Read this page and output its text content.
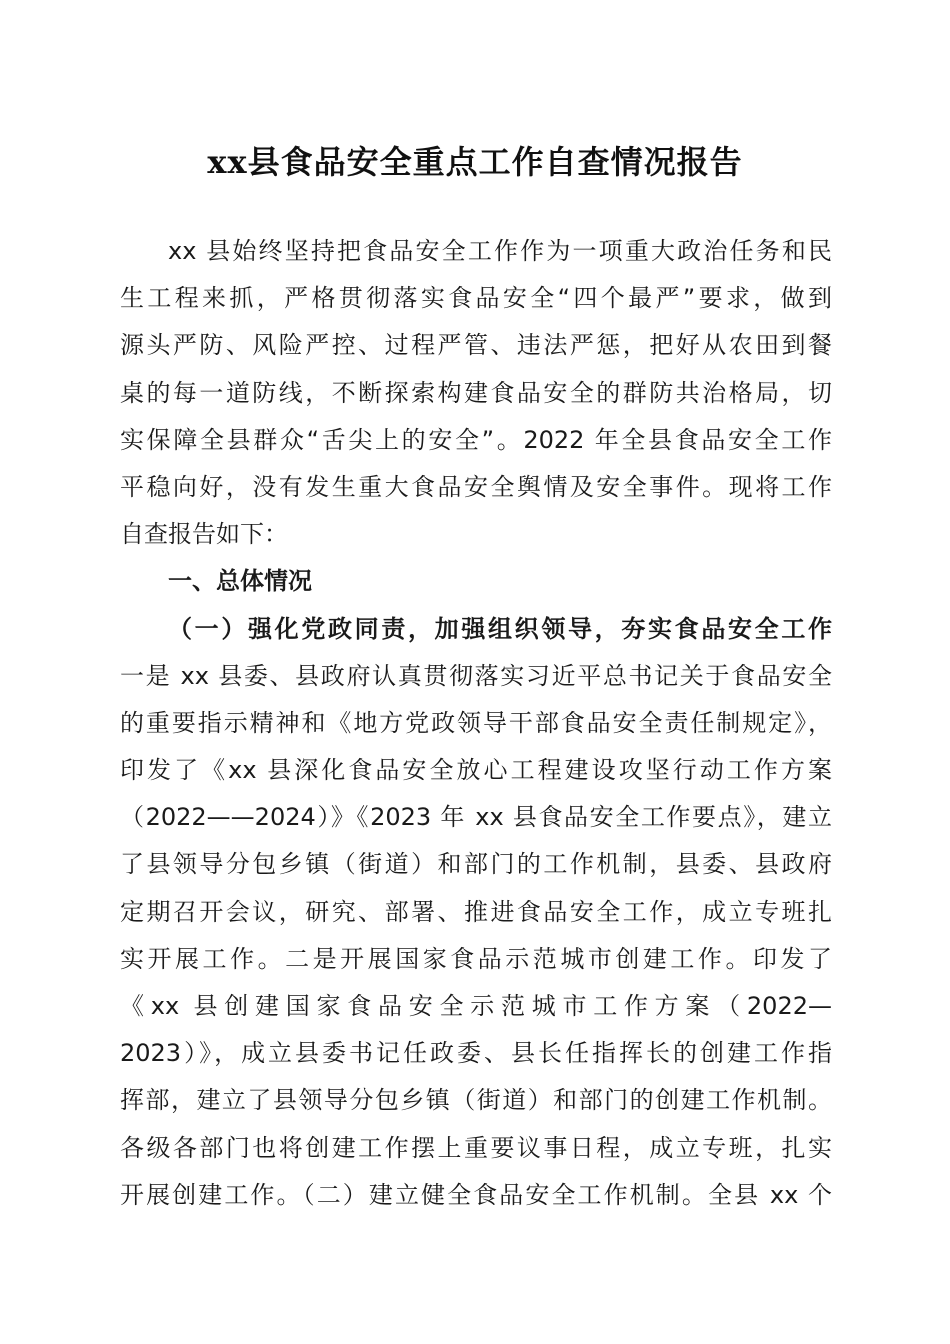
xx县食品安全重点工作自查情况报告
xx 县始终坚持把食品安全工作作为一项重大政治任务和民
生工程来抓，严格贯彻落实食品安全“四个最严”要求，做到
源头严防、风险严控、过程严管、违法严惩，把好从农田到餐
桌的每一道防线，不断探索构建食品安全的群防共治格局，切
实保障全县群众“舌尖上的安全”。2022 年全县食品安全工作
平稳向好，没有发生重大食品安全舆情及安全事件。现将工作
自查报告如下：
一、总体情况
（一）强化党政同责，加强组织领导，夯实食品安全工作
一是 xx 县委、县政府认真贯彻落实习近平总书记关于食品安全
的重要指示精神和《地方党政领导干部食品安全责任制规定》，
印发了《xx 县深化食品安全放心工程建设攻坚行动工作方案
（2022——2024）》《2023 年 xx 县食品安全工作要点》，建立
了县领导分包乡镇（街道）和部门的工作机制，县委、县政府
定期召开会议，研究、部署、推进食品安全工作，成立专班扎
实开展工作。二是开展国家食品示范城市创建工作。印发了
《xx 县创建国家食品安全示范城市工作方案（2022—
2023）》，成立县委书记任政委、县长任指挥长的创建工作指
挥部，建立了县领导分包乡镇（街道）和部门的创建工作机制。
各级各部门也将创建工作摆上重要议事日程，成立专班，扎实
开展创建工作。（二）建立健全食品安全工作机制。全县 xx 个
